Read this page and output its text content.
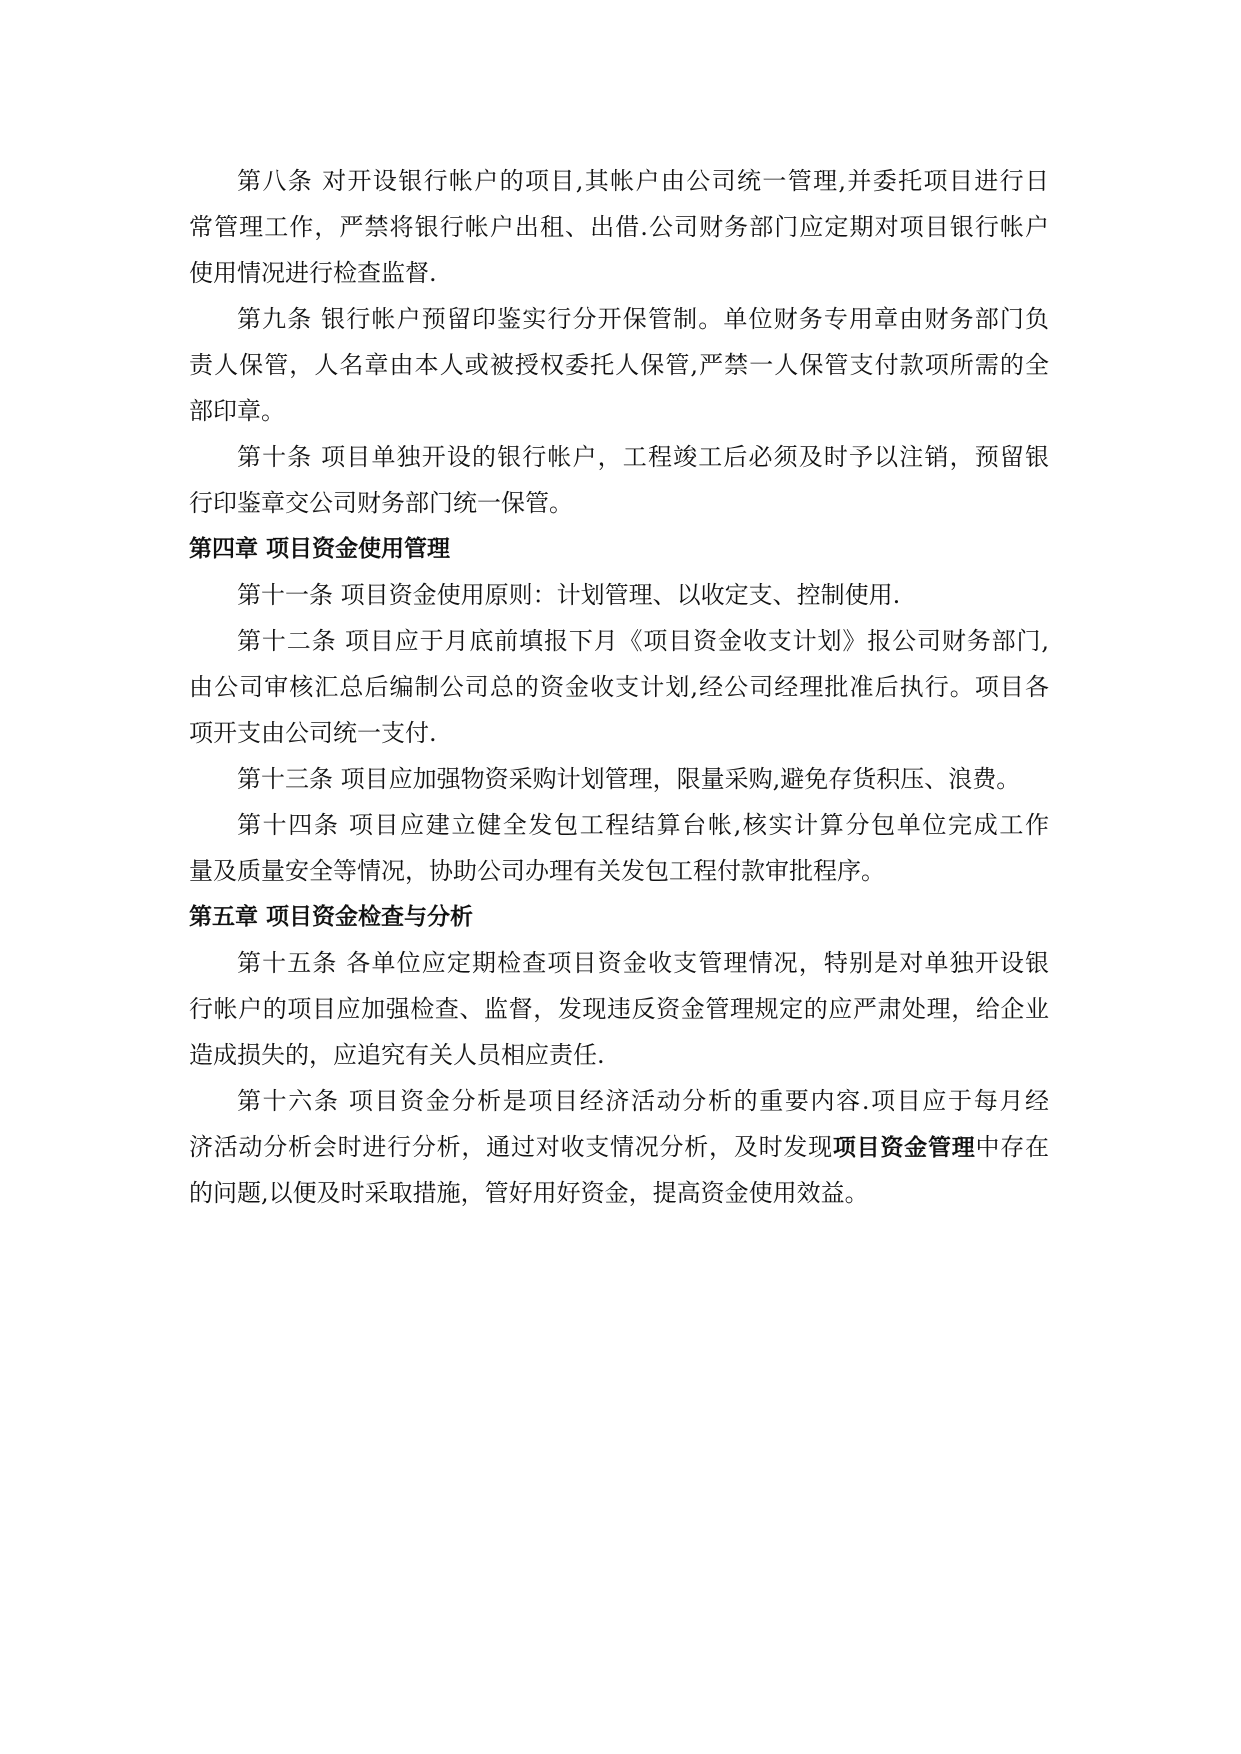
第八条 对开设银行帐户的项目,其帐户由公司统一管理,并委托项目进行日
常管理工作，严禁将银行帐户出租、出借.公司财务部门应定期对项目银行帐户
使用情况进行检查监督.
第九条 银行帐户预留印鉴实行分开保管制。单位财务专用章由财务部门负
责人保管，人名章由本人或被授权委托人保管,严禁一人保管支付款项所需的全
部印章。
第十条 项目单独开设的银行帐户，工程竣工后必须及时予以注销，预留银
行印鉴章交公司财务部门统一保管。
第四章 项目资金使用管理
第十一条 项目资金使用原则：计划管理、以收定支、控制使用.
第十二条 项目应于月底前填报下月《项目资金收支计划》报公司财务部门,
由公司审核汇总后编制公司总的资金收支计划,经公司经理批准后执行。项目各
项开支由公司统一支付.
第十三条 项目应加强物资采购计划管理，限量采购,避免存货积压、浪费。
第十四条 项目应建立健全发包工程结算台帐,核实计算分包单位完成工作
量及质量安全等情况，协助公司办理有关发包工程付款审批程序。
第五章 项目资金检查与分析
第十五条 各单位应定期检查项目资金收支管理情况，特别是对单独开设银
行帐户的项目应加强检查、监督，发现违反资金管理规定的应严肃处理，给企业
造成损失的，应追究有关人员相应责任.
第十六条 项目资金分析是项目经济活动分析的重要内容.项目应于每月经
济活动分析会时进行分析，通过对收支情况分析，及时发现项目资金管理中存在
的问题,以便及时采取措施，管好用好资金，提高资金使用效益。
